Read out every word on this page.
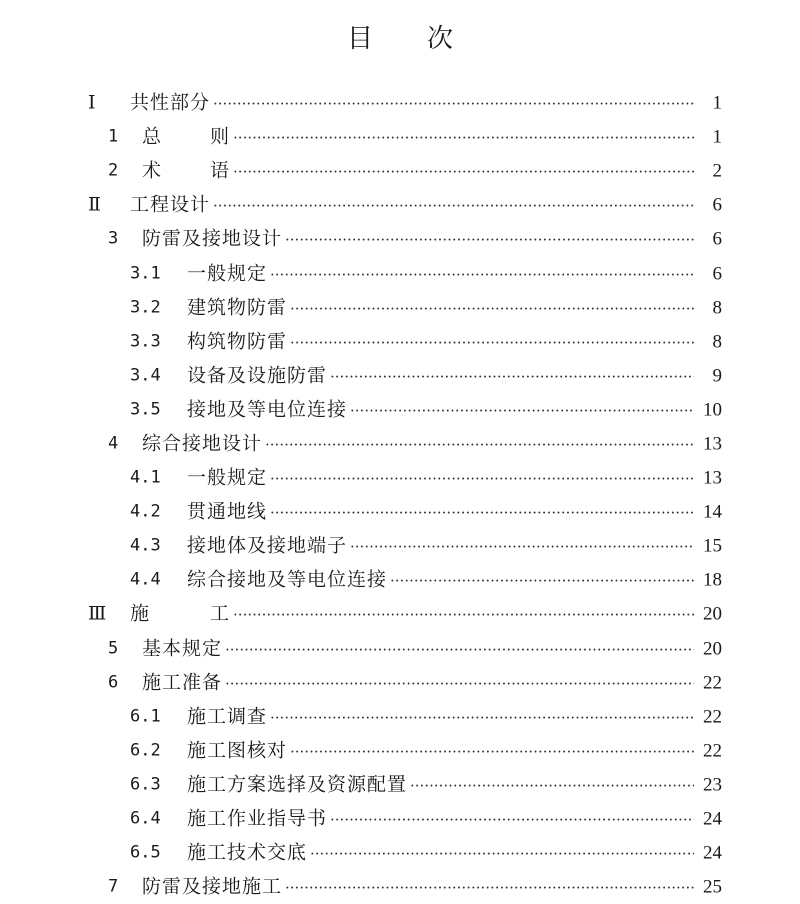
目 次
Ⅰ 共性部分 ·····	1
1 总	则 ·····	1
2 术	语 ·····	2
Ⅱ 工程设计 ·····	6
3 防雷及接地设计 ·····	6
3.1 一般规定 ·····	6
3.2 建筑物防雷 ·····	8
3.3 构筑物防雷 ·····	8
3.4 设备及设施防雷 ·····	9
3.5 接地及等电位连接 ·····	10
4 综合接地设计 ·····	13
4.1 一般规定 ·····	13
4.2 贯通地线 ·····	14
4.3 接地体及接地端子 ·····	15
4.4 综合接地及等电位连接 ·····	18
Ⅲ 施	工 ·····	20
5 基本规定 ·····	20
6 施工准备 ·····	22
6.1 施工调查 ·····	22
6.2 施工图核对 ·····	22
6.3 施工方案选择及资源配置 ·····	23
6.4 施工作业指导书 ·····	24
6.5 施工技术交底 ·····	24
7 防雷及接地施工 ·····	25
